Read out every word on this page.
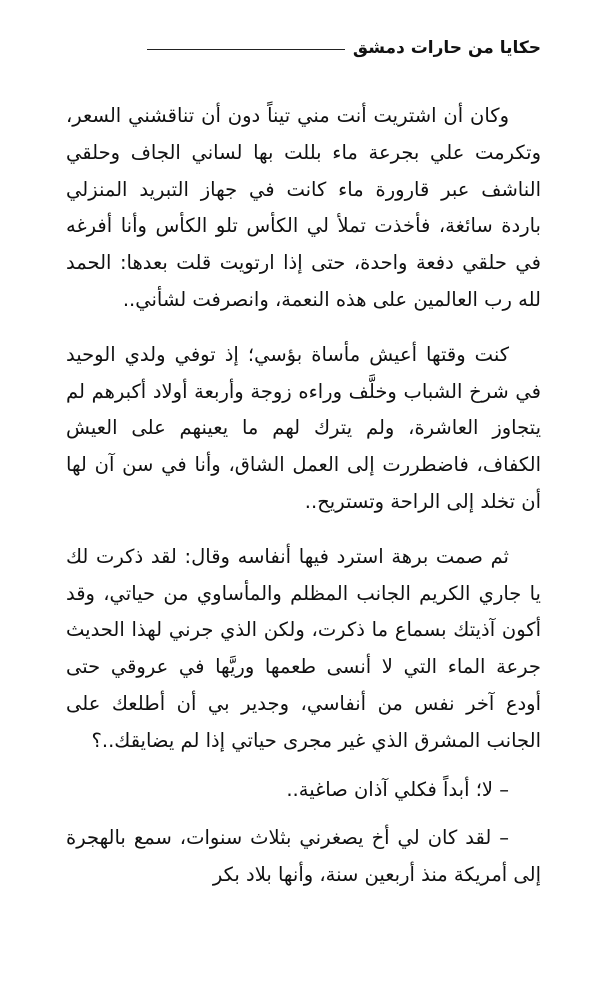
حكايا من حارات دمشق

وكان أن اشتريت أنت مني تيناً دون أن تناقشني السعر، وتكرمت علي بجرعة ماء بللت بها لساني الجاف وحلقي الناشف عبر قارورة ماء كانت في جهاز التبريد المنزلي باردة سائغة، فأخذت تملأ لي الكأس تلو الكأس وأنا أفرغه في حلقي دفعة واحدة، حتى إذا ارتويت قلت بعدها: الحمد لله رب العالمين على هذه النعمة، وانصرفت لشأني..

كنت وقتها أعيش مأساة بؤسي؛ إذ توفي ولدي الوحيد في شرخ الشباب وخلَّف وراءه زوجة وأربعة أولاد أكبرهم لم يتجاوز العاشرة، ولم يترك لهم ما يعينهم على العيش الكفاف، فاضطررت إلى العمل الشاق، وأنا في سن آن لها أن تخلد إلى الراحة وتستريح..

ثم صمت برهة استرد فيها أنفاسه وقال: لقد ذكرت لك يا جاري الكريم الجانب المظلم والمأساوي من حياتي، وقد أكون آذيتك بسماع ما ذكرت، ولكن الذي جرني لهذا الحديث جرعة الماء التي لا أنسى طعمها وريَّها في عروقي حتى أودع آخر نفس من أنفاسي، وجدير بي أن أطلعك على الجانب المشرق الذي غير مجرى حياتي إذا لم يضايقك..؟

– لا؛ أبداً فكلي آذان صاغية..

– لقد كان لي أخ يصغرني بثلاث سنوات، سمع بالهجرة إلى أمريكة منذ أربعين سنة، وأنها بلاد بكر
